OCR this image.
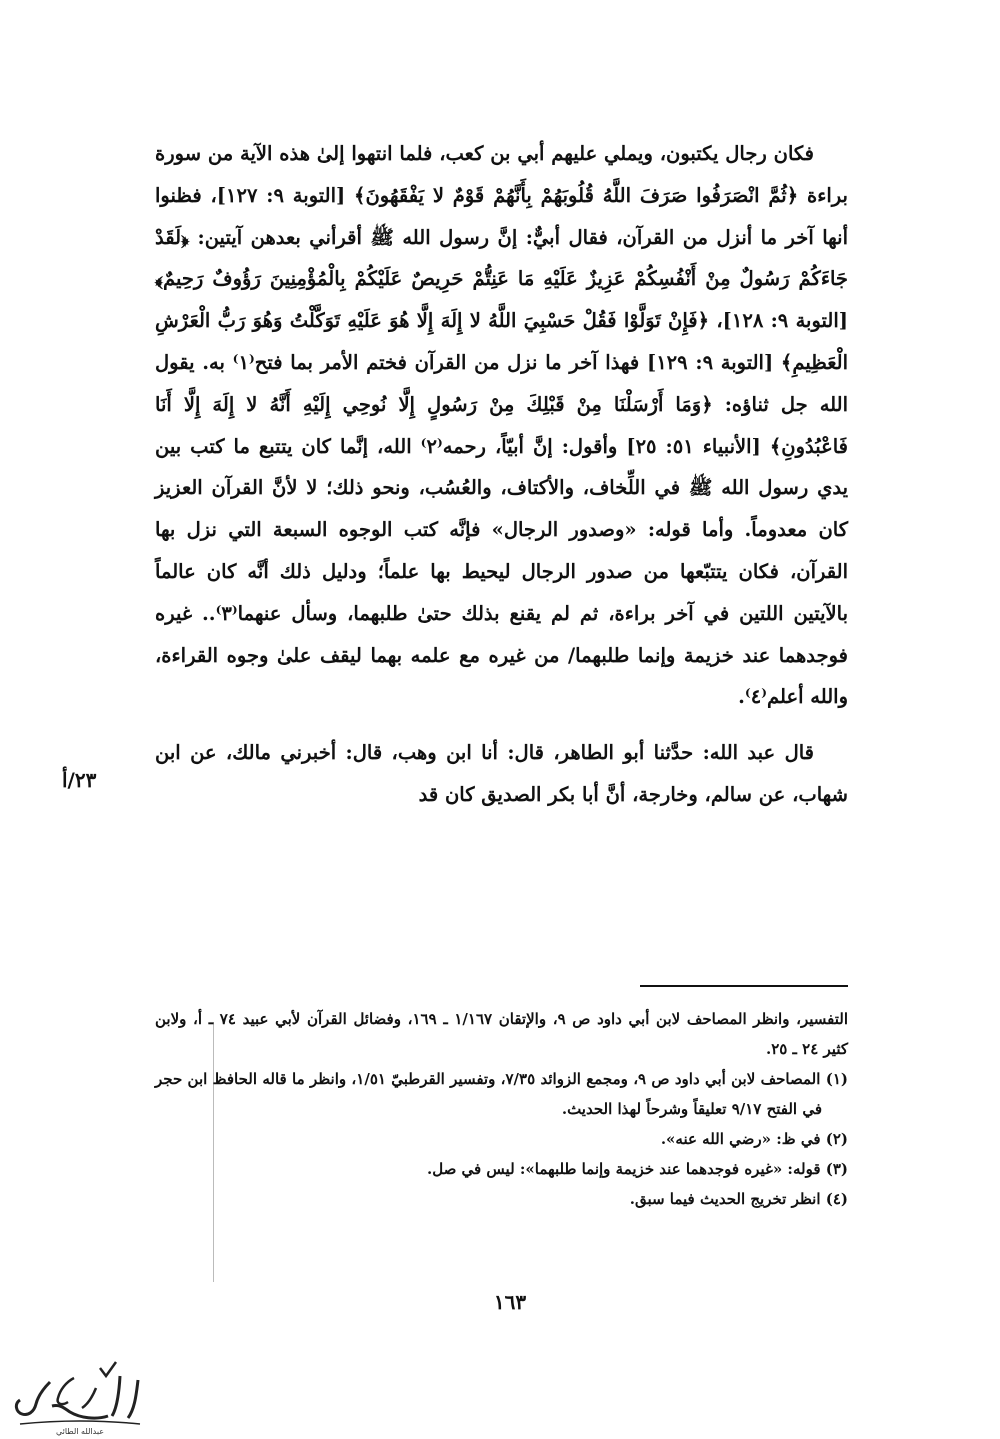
فكان رجال يكتبون، ويملي عليهم أبي بن كعب، فلما انتهوا إلىٰ هذه الآية من سورة براءة ﴿ثُمَّ انْصَرَفُوا صَرَفَ اللَّهُ قُلُوبَهُمْ بِأَنَّهُمْ قَوْمٌ لا يَفْقَهُونَ﴾ [التوبة ٩: ١٢٧]، فظنوا أنها آخر ما أنزل من القرآن، فقال أبيٌّ: إنَّ رسول الله ﷺ أقرأني بعدهن آيتين: ﴿لَقَدْ جَاءَكُمْ رَسُولٌ مِنْ أَنْفُسِكُمْ عَزِيزٌ عَلَيْهِ مَا عَنِتُّمْ حَرِيصٌ عَلَيْكُمْ بِالْمُؤْمِنِينَ رَؤُوفٌ رَحِيمٌ﴾ [التوبة ٩: ١٢٨]، ﴿فَإِنْ تَوَلَّوْا فَقُلْ حَسْبِيَ اللَّهُ لا إِلَهَ إِلَّا هُوَ عَلَيْهِ تَوَكَّلْتُ وَهُوَ رَبُّ الْعَرْشِ الْعَظِيمِ﴾ [التوبة ٩: ١٢٩] فهذا آخر ما نزل من القرآن فختم الأمر بما فتح⁽١⁾ به. يقول الله جل ثناؤه: ﴿وَمَا أَرْسَلْنَا مِنْ قَبْلِكَ مِنْ رَسُولٍ إِلَّا نُوحِي إِلَيْهِ أَنَّهُ لا إِلَهَ إِلَّا أَنَا فَاعْبُدُونِ﴾ [الأنبياء ٥١: ٢٥] وأقول: إنَّ أبيّاً، رحمه⁽٢⁾ الله، إنَّما كان يتتبع ما كتب بين يدي رسول الله ﷺ في اللِّخاف، والأكتاف، والعُسُب، ونحو ذلك؛ لا لأنَّ القرآن العزيز كان معدوماً. وأما قوله: «وصدور الرجال» فإنَّه كتب الوجوه السبعة التي نزل بها القرآن، فكان يتتبّعها من صدور الرجال ليحيط بها علماً؛ ودليل ذلك أنَّه كان عالماً بالآيتين اللتين في آخر براءة، ثم لم يقنع بذلك حتىٰ طلبهما، وسأل عنهما⁽٣⁾.. غيره فوجدهما عند خزيمة وإنما طلبهما/ من غيره مع علمه بهما ليقف علىٰ وجوه القراءة، والله أعلم⁽٤⁾.

قال عبد الله: حدَّثنا أبو الطاهر، قال: أنا ابن وهب، قال: أخبرني مالك، عن ابن شهاب، عن سالم، وخارجة، أنَّ أبا بكر الصديق كان قد

٢٣/أ

التفسير، وانظر المصاحف لابن أبي داود ص ٩، والإتقان ١/١٦٧ ـ ١٦٩، وفضائل القرآن لأبي عبيد ٧٤ ـ أ، ولابن كثير ٢٤ ـ ٢٥.

(١) المصاحف لابن أبي داود ص ٩، ومجمع الزوائد ٧/٣٥، وتفسير القرطبيّ ١/٥١، وانظر ما قاله الحافظ ابن حجر في الفتح ٩/١٧ تعليقاً وشرحاً لهذا الحديث.

(٢) في ظ: «رضي الله عنه».

(٣) قوله: «غيره فوجدهما عند خزيمة وإنما طلبهما»: ليس في صل.

(٤) انظر تخريج الحديث فيما سبق.

١٦٣
عبدالله الطائي
